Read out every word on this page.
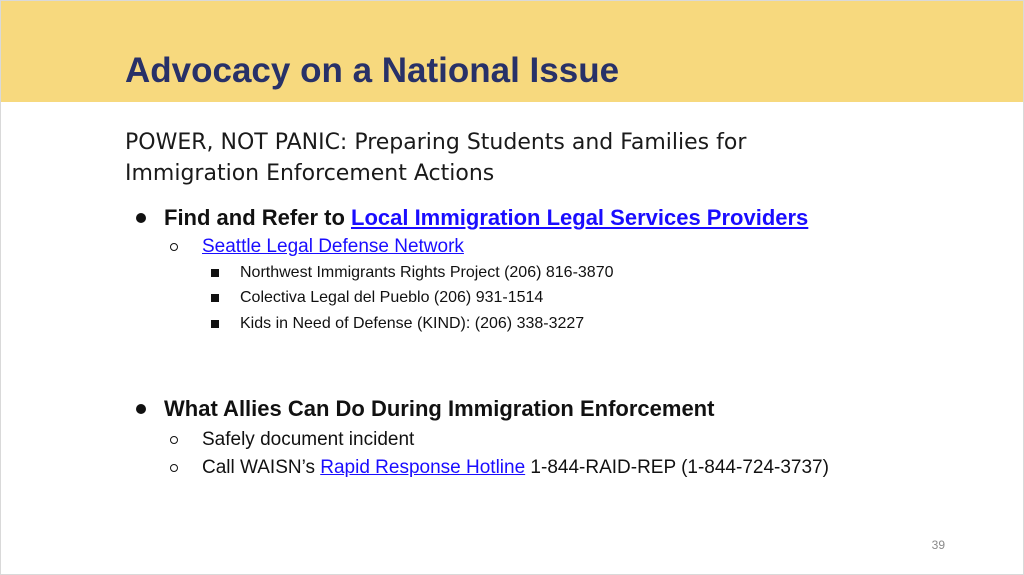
Advocacy on a National Issue
POWER, NOT PANIC: Preparing Students and Families for
Immigration Enforcement Actions
Find and Refer to Local Immigration Legal Services Providers
Seattle Legal Defense Network
Northwest Immigrants Rights Project (206) 816-3870
Colectiva Legal del Pueblo (206) 931-1514
Kids in Need of Defense (KIND): (206) 338-3227
What Allies Can Do During Immigration Enforcement
Safely document incident
Call WAISN’s Rapid Response Hotline 1-844-RAID-REP (1-844-724-3737)
39
